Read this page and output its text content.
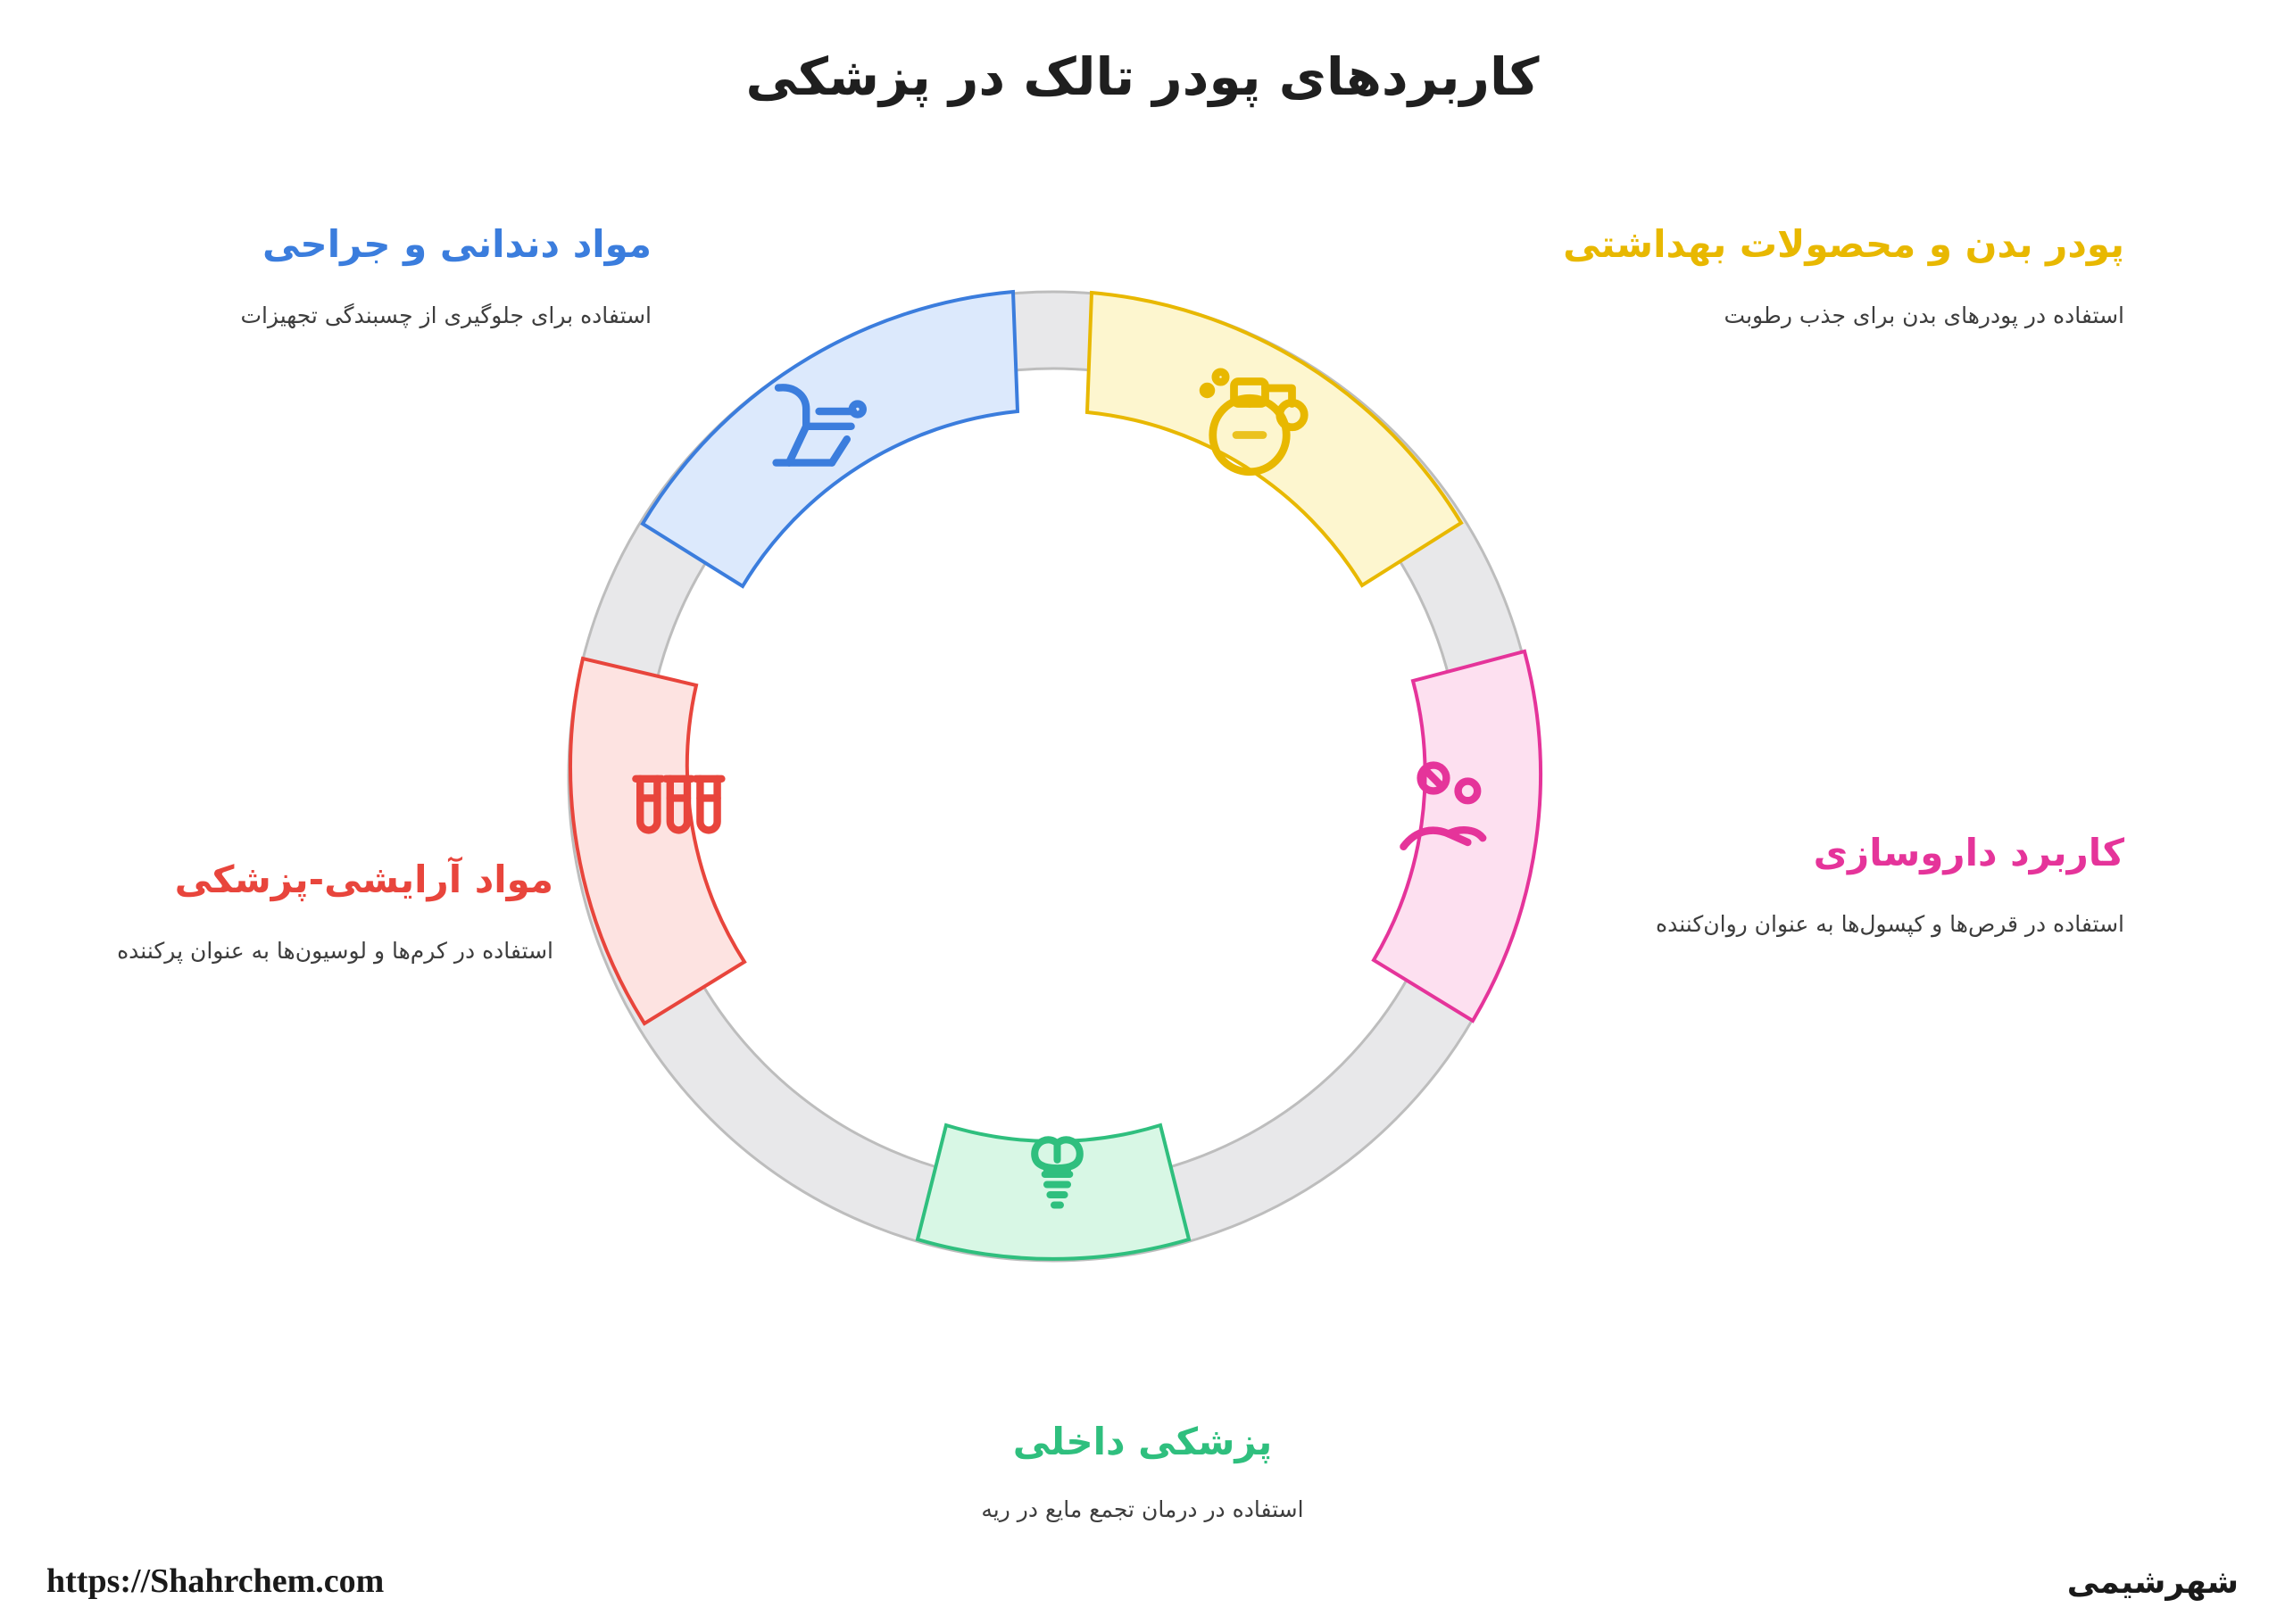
کاربردهای پودر تالک در پزشکی
پودر بدن و محصولات بهداشتی
استفاده در پودرهای بدن برای جذب رطوبت
کاربرد داروسازی
استفاده در قرص‌ها و کپسول‌ها به عنوان روان‌کننده
مواد دندانی و جراحی
استفاده برای جلوگیری از چسبندگی تجهیزات
مواد آرایشی-پزشکی
استفاده در کرم‌ها و لوسیون‌ها به عنوان پرکننده
پزشکی داخلی
استفاده در درمان تجمع مایع در ریه
https://Shahrchem.com	شهرشیمی
